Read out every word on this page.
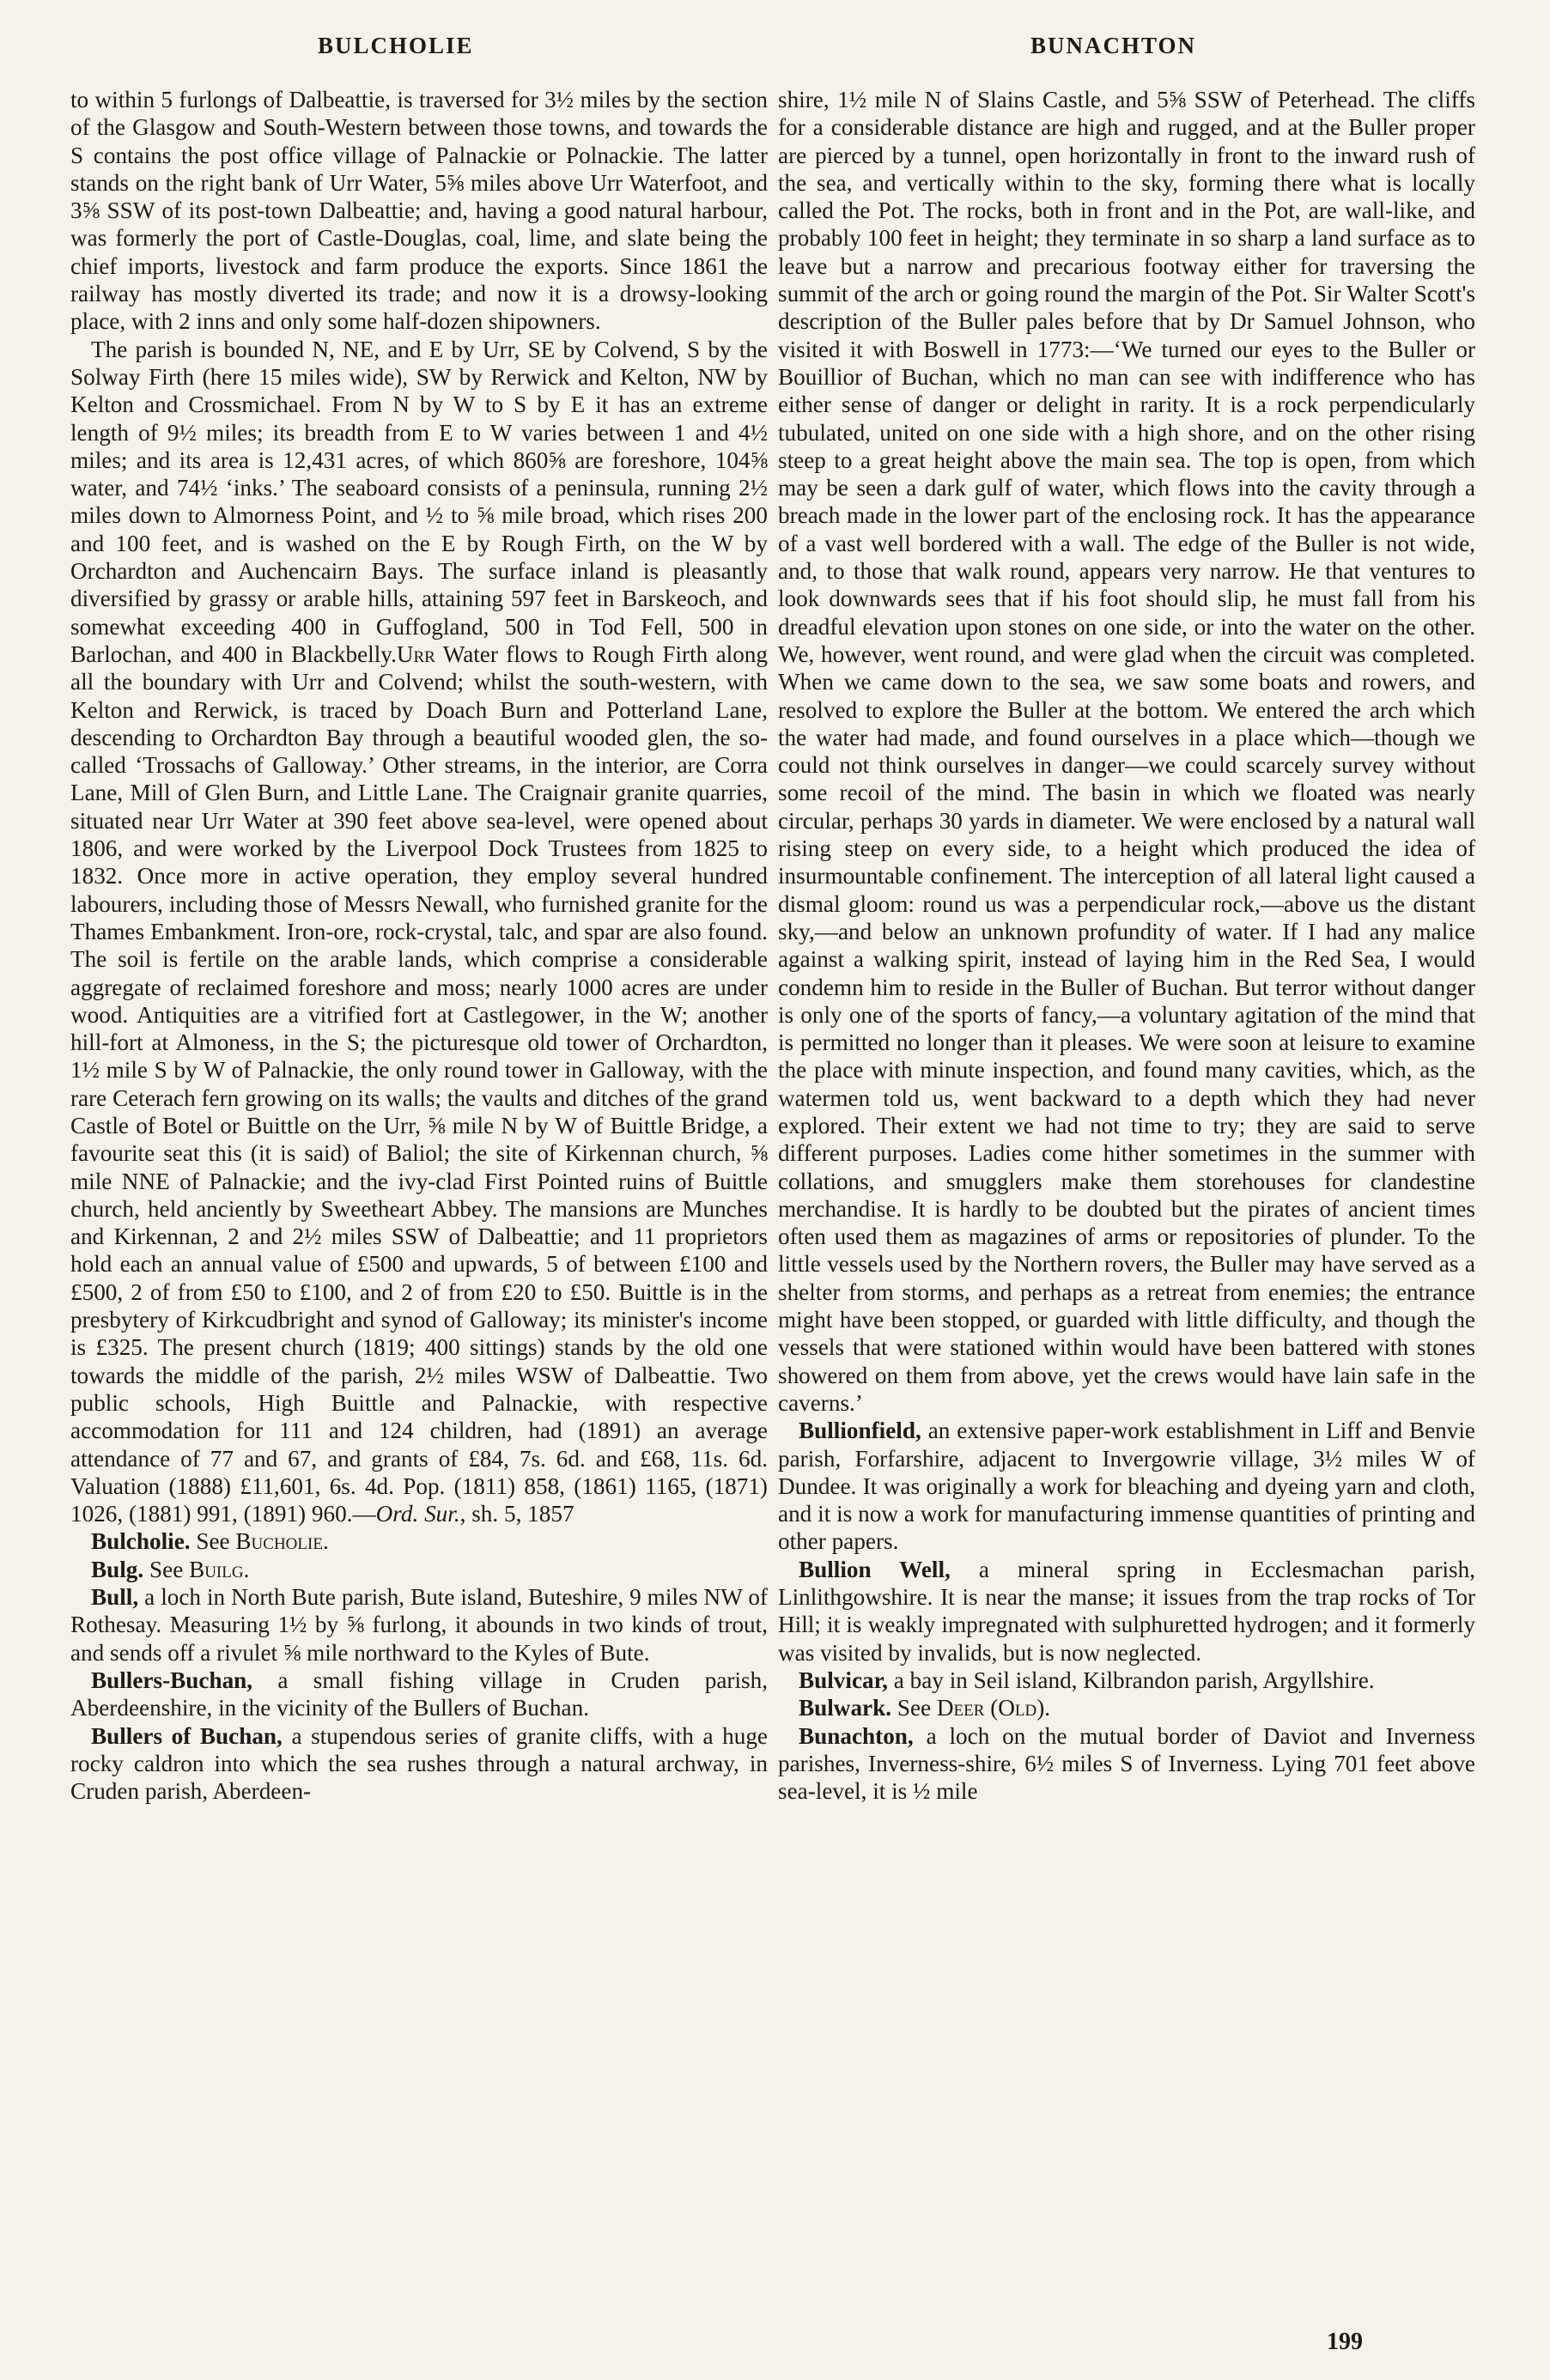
BULCHOLIE	BUNACHTON

to within 5 furlongs of Dalbeattie, is traversed for 3½ miles by the section of the Glasgow and South-Western between those towns, and towards the S contains the post office village of Palnackie or Polnackie. The latter stands on the right bank of Urr Water, 5⅝ miles above Urr Waterfoot, and 3⅝ SSW of its post-town Dalbeattie; and, having a good natural harbour, was formerly the port of Castle-Douglas, coal, lime, and slate being the chief imports, livestock and farm produce the exports. Since 1861 the railway has mostly diverted its trade; and now it is a drowsy-looking place, with 2 inns and only some half-dozen shipowners.

The parish is bounded N, NE, and E by Urr, SE by Colvend, S by the Solway Firth (here 15 miles wide), SW by Rerwick and Kelton, NW by Kelton and Crossmichael. From N by W to S by E it has an extreme length of 9½ miles; its breadth from E to W varies between 1 and 4½ miles; and its area is 12,431 acres, of which 860⅝ are foreshore, 104⅝ water, and 74½ ‘inks.’ The seaboard consists of a peninsula, running 2½ miles down to Almorness Point, and ½ to ⅝ mile broad, which rises 200 and 100 feet, and is washed on the E by Rough Firth, on the W by Orchardton and Auchencairn Bays. The surface inland is pleasantly diversified by grassy or arable hills, attaining 597 feet in Barskeoch, and somewhat exceeding 400 in Guffogland, 500 in Tod Fell, 500 in Barlochan, and 400 in Blackbelly.Urr Water flows to Rough Firth along all the boundary with Urr and Colvend; whilst the south-western, with Kelton and Rerwick, is traced by Doach Burn and Potterland Lane, descending to Orchardton Bay through a beautiful wooded glen, the so-called ‘Trossachs of Galloway.’ Other streams, in the interior, are Corra Lane, Mill of Glen Burn, and Little Lane. The Craignair granite quarries, situated near Urr Water at 390 feet above sea-level, were opened about 1806, and were worked by the Liverpool Dock Trustees from 1825 to 1832. Once more in active operation, they employ several hundred labourers, including those of Messrs Newall, who furnished granite for the Thames Embankment. Iron-ore, rock-crystal, talc, and spar are also found. The soil is fertile on the arable lands, which comprise a considerable aggregate of reclaimed foreshore and moss; nearly 1000 acres are under wood. Antiquities are a vitrified fort at Castlegower, in the W; another hill-fort at Almoness, in the S; the picturesque old tower of Orchardton, 1½ mile S by W of Palnackie, the only round tower in Galloway, with the rare Ceterach fern growing on its walls; the vaults and ditches of the grand Castle of Botel or Buittle on the Urr, ⅝ mile N by W of Buittle Bridge, a favourite seat this (it is said) of Baliol; the site of Kirkennan church, ⅝ mile NNE of Palnackie; and the ivy-clad First Pointed ruins of Buittle church, held anciently by Sweetheart Abbey. The mansions are Munches and Kirkennan, 2 and 2½ miles SSW of Dalbeattie; and 11 proprietors hold each an annual value of £500 and upwards, 5 of between £100 and £500, 2 of from £50 to £100, and 2 of from £20 to £50. Buittle is in the presbytery of Kirkcudbright and synod of Galloway; its minister's income is £325. The present church (1819; 400 sittings) stands by the old one towards the middle of the parish, 2½ miles WSW of Dalbeattie. Two public schools, High Buittle and Palnackie, with respective accommodation for 111 and 124 children, had (1891) an average attendance of 77 and 67, and grants of £84, 7s. 6d. and £68, 11s. 6d. Valuation (1888) £11,601, 6s. 4d. Pop. (1811) 858, (1861) 1165, (1871) 1026, (1881) 991, (1891) 960.—Ord. Sur., sh. 5, 1857

Bulcholie. See Bucholie.

Bulg. See Builg.

Bull, a loch in North Bute parish, Bute island, Buteshire, 9 miles NW of Rothesay. Measuring 1½ by ⅝ furlong, it abounds in two kinds of trout, and sends off a rivulet ⅝ mile northward to the Kyles of Bute.

Bullers-Buchan, a small fishing village in Cruden parish, Aberdeenshire, in the vicinity of the Bullers of Buchan.

Bullers of Buchan, a stupendous series of granite cliffs, with a huge rocky caldron into which the sea rushes through a natural archway, in Cruden parish, Aberdeen-

shire, 1½ mile N of Slains Castle, and 5⅝ SSW of Peterhead. The cliffs for a considerable distance are high and rugged, and at the Buller proper are pierced by a tunnel, open horizontally in front to the inward rush of the sea, and vertically within to the sky, forming there what is locally called the Pot. The rocks, both in front and in the Pot, are wall-like, and probably 100 feet in height; they terminate in so sharp a land surface as to leave but a narrow and precarious footway either for traversing the summit of the arch or going round the margin of the Pot. Sir Walter Scott's description of the Buller pales before that by Dr Samuel Johnson, who visited it with Boswell in 1773:—‘We turned our eyes to the Buller or Bouillior of Buchan, which no man can see with indifference who has either sense of danger or delight in rarity. It is a rock perpendicularly tubulated, united on one side with a high shore, and on the other rising steep to a great height above the main sea. The top is open, from which may be seen a dark gulf of water, which flows into the cavity through a breach made in the lower part of the enclosing rock. It has the appearance of a vast well bordered with a wall. The edge of the Buller is not wide, and, to those that walk round, appears very narrow. He that ventures to look downwards sees that if his foot should slip, he must fall from his dreadful elevation upon stones on one side, or into the water on the other. We, however, went round, and were glad when the circuit was completed. When we came down to the sea, we saw some boats and rowers, and resolved to explore the Buller at the bottom. We entered the arch which the water had made, and found ourselves in a place which—though we could not think ourselves in danger—we could scarcely survey without some recoil of the mind. The basin in which we floated was nearly circular, perhaps 30 yards in diameter. We were enclosed by a natural wall rising steep on every side, to a height which produced the idea of insurmountable confinement. The interception of all lateral light caused a dismal gloom: round us was a perpendicular rock,—above us the distant sky,—and below an unknown profundity of water. If I had any malice against a walking spirit, instead of laying him in the Red Sea, I would condemn him to reside in the Buller of Buchan. But terror without danger is only one of the sports of fancy,—a voluntary agitation of the mind that is permitted no longer than it pleases. We were soon at leisure to examine the place with minute inspection, and found many cavities, which, as the watermen told us, went backward to a depth which they had never explored. Their extent we had not time to try; they are said to serve different purposes. Ladies come hither sometimes in the summer with collations, and smugglers make them storehouses for clandestine merchandise. It is hardly to be doubted but the pirates of ancient times often used them as magazines of arms or repositories of plunder. To the little vessels used by the Northern rovers, the Buller may have served as a shelter from storms, and perhaps as a retreat from enemies; the entrance might have been stopped, or guarded with little difficulty, and though the vessels that were stationed within would have been battered with stones showered on them from above, yet the crews would have lain safe in the caverns.’

Bullionfield, an extensive paper-work establishment in Liff and Benvie parish, Forfarshire, adjacent to Invergowrie village, 3½ miles W of Dundee. It was originally a work for bleaching and dyeing yarn and cloth, and it is now a work for manufacturing immense quantities of printing and other papers.

Bullion Well, a mineral spring in Ecclesmachan parish, Linlithgowshire. It is near the manse; it issues from the trap rocks of Tor Hill; it is weakly impregnated with sulphuretted hydrogen; and it formerly was visited by invalids, but is now neglected.

Bulvicar, a bay in Seil island, Kilbrandon parish, Argyllshire.

Bulwark. See Deer (Old).

Bunachton, a loch on the mutual border of Daviot and Inverness parishes, Inverness-shire, 6½ miles S of Inverness. Lying 701 feet above sea-level, it is ½ mile

199
